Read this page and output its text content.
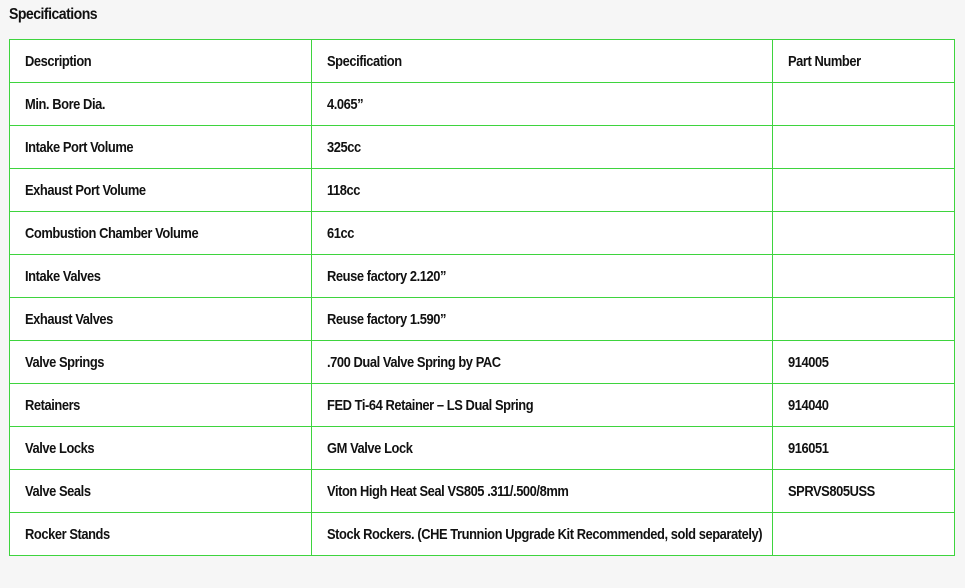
Specifications
Description	Specification	Part Number
Min. Bore Dia.	4.065”	
Intake Port Volume	325cc	
Exhaust Port Volume	118cc	
Combustion Chamber Volume	61cc	
Intake Valves	Reuse factory 2.120”	
Exhaust Valves	Reuse factory 1.590”	
Valve Springs	.700 Dual Valve Spring by PAC	914005
Retainers	FED Ti-64 Retainer – LS Dual Spring	914040
Valve Locks	GM Valve Lock	916051
Valve Seals	Viton High Heat Seal VS805 .311/.500/8mm	SPRVS805USS
Rocker Stands	Stock Rockers. (CHE Trunnion Upgrade Kit Recommended, sold separately)	
